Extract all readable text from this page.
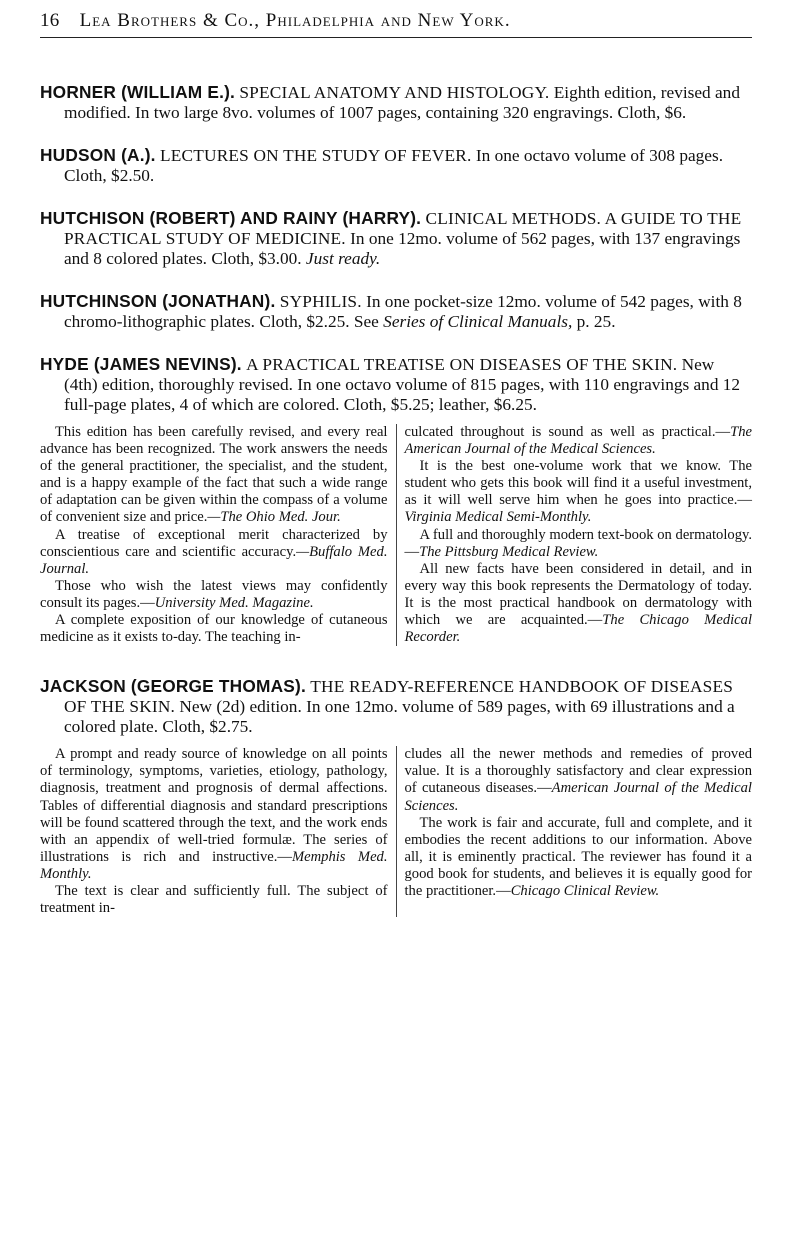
16 Lea Brothers & Co., Philadelphia and New York.

HORNER (WILLIAM E.). SPECIAL ANATOMY AND HISTOLOGY. Eighth edition, revised and modified. In two large 8vo. volumes of 1007 pages, containing 320 engravings. Cloth, $6.

HUDSON (A.). LECTURES ON THE STUDY OF FEVER. In one octavo volume of 308 pages. Cloth, $2.50.

HUTCHISON (ROBERT) AND RAINY (HARRY). CLINICAL METHODS. A GUIDE TO THE PRACTICAL STUDY OF MEDICINE. In one 12mo. volume of 562 pages, with 137 engravings and 8 colored plates. Cloth, $3.00. Just ready.

HUTCHINSON (JONATHAN). SYPHILIS. In one pocket-size 12mo. volume of 542 pages, with 8 chromo-lithographic plates. Cloth, $2.25. See Series of Clinical Manuals, p. 25.

HYDE (JAMES NEVINS). A PRACTICAL TREATISE ON DISEASES OF THE SKIN. New (4th) edition, thoroughly revised. In one octavo volume of 815 pages, with 110 engravings and 12 full-page plates, 4 of which are colored. Cloth, $5.25; leather, $6.25.

This edition has been carefully revised, and every real advance has been recognized. The work answers the needs of the general practitioner, the specialist, and the student, and is a happy example of the fact that such a wide range of adaptation can be given within the compass of a volume of convenient size and price.—The Ohio Med. Jour.

A treatise of exceptional merit characterized by conscientious care and scientific accuracy.—Buffalo Med. Journal.

Those who wish the latest views may confidently consult its pages.—University Med. Magazine.

A complete exposition of our knowledge of cutaneous medicine as it exists to-day. The teaching in-

culcated throughout is sound as well as practical.—The American Journal of the Medical Sciences.

It is the best one-volume work that we know. The student who gets this book will find it a useful investment, as it will well serve him when he goes into practice.—Virginia Medical Semi-Monthly.

A full and thoroughly modern text-book on dermatology. —The Pittsburg Medical Review.

All new facts have been considered in detail, and in every way this book represents the Dermatology of today. It is the most practical handbook on dermatology with which we are acquainted.—The Chicago Medical Recorder.

JACKSON (GEORGE THOMAS). THE READY-REFERENCE HANDBOOK OF DISEASES OF THE SKIN. New (2d) edition. In one 12mo. volume of 589 pages, with 69 illustrations and a colored plate. Cloth, $2.75.

A prompt and ready source of knowledge on all points of terminology, symptoms, varieties, etiology, pathology, diagnosis, treatment and prognosis of dermal affections. Tables of differential diagnosis and standard prescriptions will be found scattered through the text, and the work ends with an appendix of well-tried formulæ. The series of illustrations is rich and instructive.—Memphis Med. Monthly.

The text is clear and sufficiently full. The subject of treatment in-

cludes all the newer methods and remedies of proved value. It is a thoroughly satisfactory and clear expression of cutaneous diseases.—American Journal of the Medical Sciences.

The work is fair and accurate, full and complete, and it embodies the recent additions to our information. Above all, it is eminently practical. The reviewer has found it a good book for students, and believes it is equally good for the practitioner.—Chicago Clinical Review.
